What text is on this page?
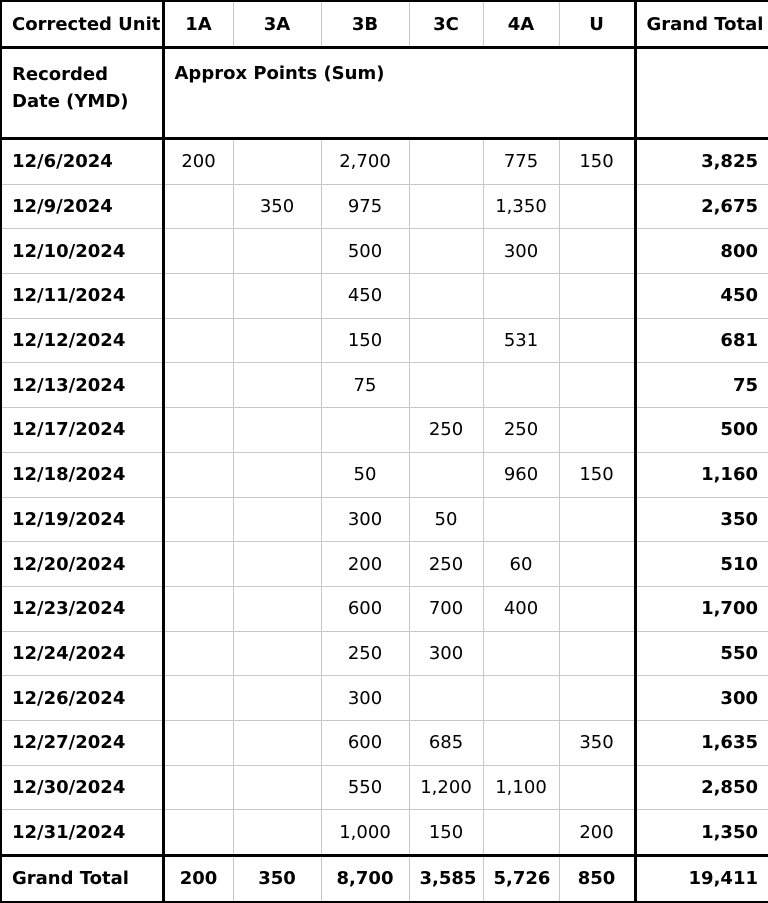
Corrected Unit	1A	3A	3B	3C	4A	U	Grand Total
Recorded Date (YMD)	Approx Points (Sum)						
12/6/2024	200		2,700		775	150	3,825
12/9/2024		350	975		1,350		2,675
12/10/2024			500		300		800
12/11/2024			450				450
12/12/2024			150		531		681
12/13/2024			75				75
12/17/2024				250	250		500
12/18/2024			50		960	150	1,160
12/19/2024			300	50			350
12/20/2024			200	250	60		510
12/23/2024			600	700	400		1,700
12/24/2024			250	300			550
12/26/2024			300				300
12/27/2024			600	685		350	1,635
12/30/2024			550	1,200	1,100		2,850
12/31/2024			1,000	150		200	1,350
Grand Total	200	350	8,700	3,585	5,726	850	19,411
